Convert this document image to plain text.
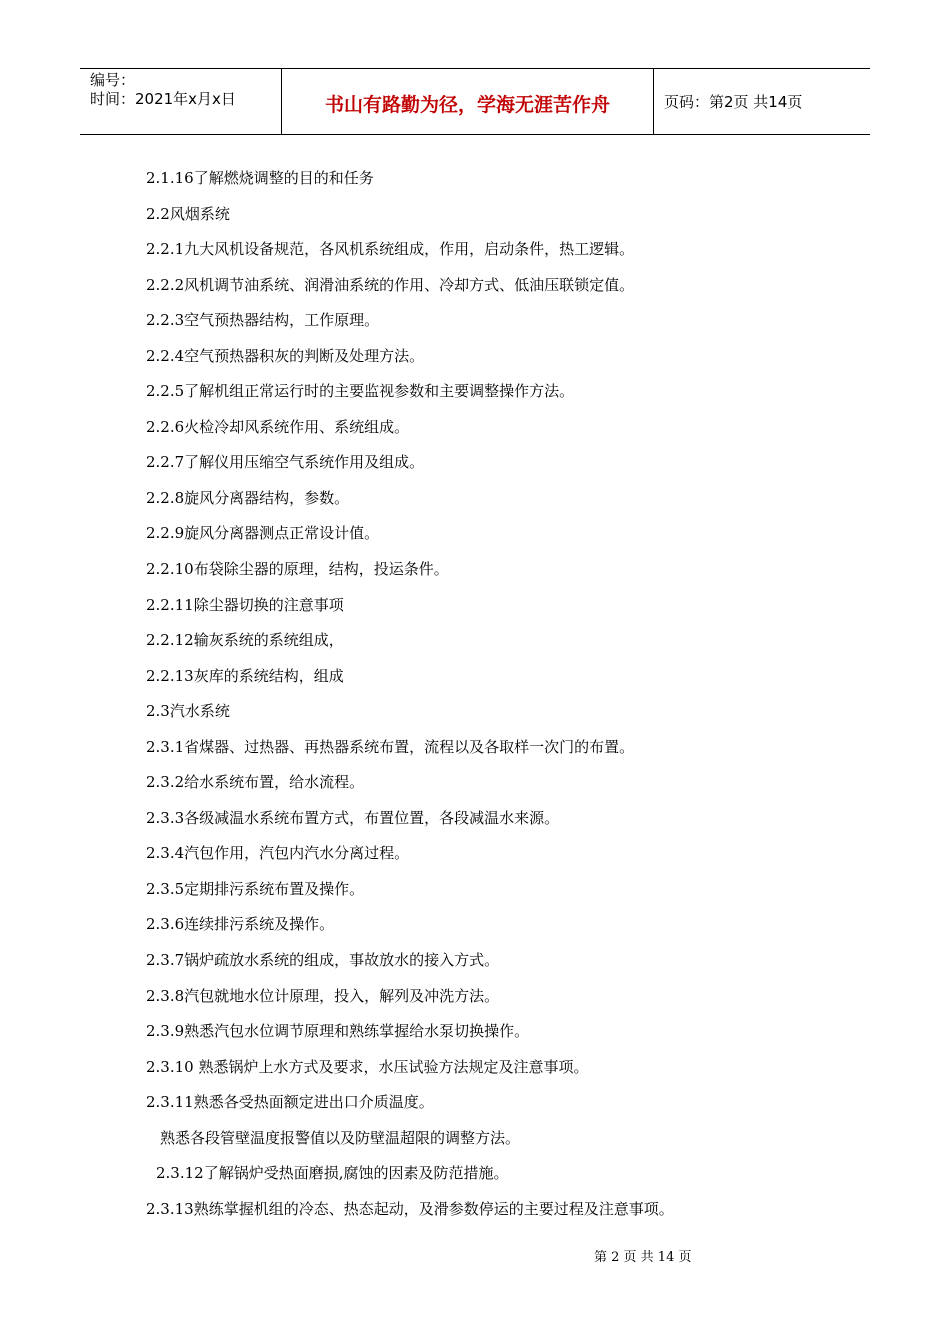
编号：
时间：2021年x月x日	书山有路勤为径，学海无涯苦作舟	页码：第2页 共14页
2.1.16了解燃烧调整的目的和任务
2.2风烟系统
2.2.1九大风机设备规范，各风机系统组成，作用，启动条件，热工逻辑。
2.2.2风机调节油系统、润滑油系统的作用、冷却方式、低油压联锁定值。
2.2.3空气预热器结构，工作原理。
2.2.4空气预热器积灰的判断及处理方法。
2.2.5了解机组正常运行时的主要监视参数和主要调整操作方法。
2.2.6火检冷却风系统作用、系统组成。
2.2.7了解仪用压缩空气系统作用及组成。
2.2.8旋风分离器结构，参数。
2.2.9旋风分离器测点正常设计值。
2.2.10布袋除尘器的原理，结构，投运条件。
2.2.11除尘器切换的注意事项
2.2.12输灰系统的系统组成，
2.2.13灰库的系统结构，组成
2.3汽水系统
2.3.1省煤器、过热器、再热器系统布置，流程以及各取样一次门的布置。
2.3.2给水系统布置，给水流程。
2.3.3各级减温水系统布置方式，布置位置，各段减温水来源。
2.3.4汽包作用，汽包内汽水分离过程。
2.3.5定期排污系统布置及操作。
2.3.6连续排污系统及操作。
2.3.7锅炉疏放水系统的组成，事故放水的接入方式。
2.3.8汽包就地水位计原理，投入，解列及冲洗方法。
2.3.9熟悉汽包水位调节原理和熟练掌握给水泵切换操作。
2.3.10 熟悉锅炉上水方式及要求，水压试验方法规定及注意事项。
2.3.11熟悉各受热面额定进出口介质温度。
熟悉各段管壁温度报警值以及防壁温超限的调整方法。
2.3.12了解锅炉受热面磨损,腐蚀的因素及防范措施。
2.3.13熟练掌握机组的冷态、热态起动，及滑参数停运的主要过程及注意事项。
第 2 页 共 14 页
